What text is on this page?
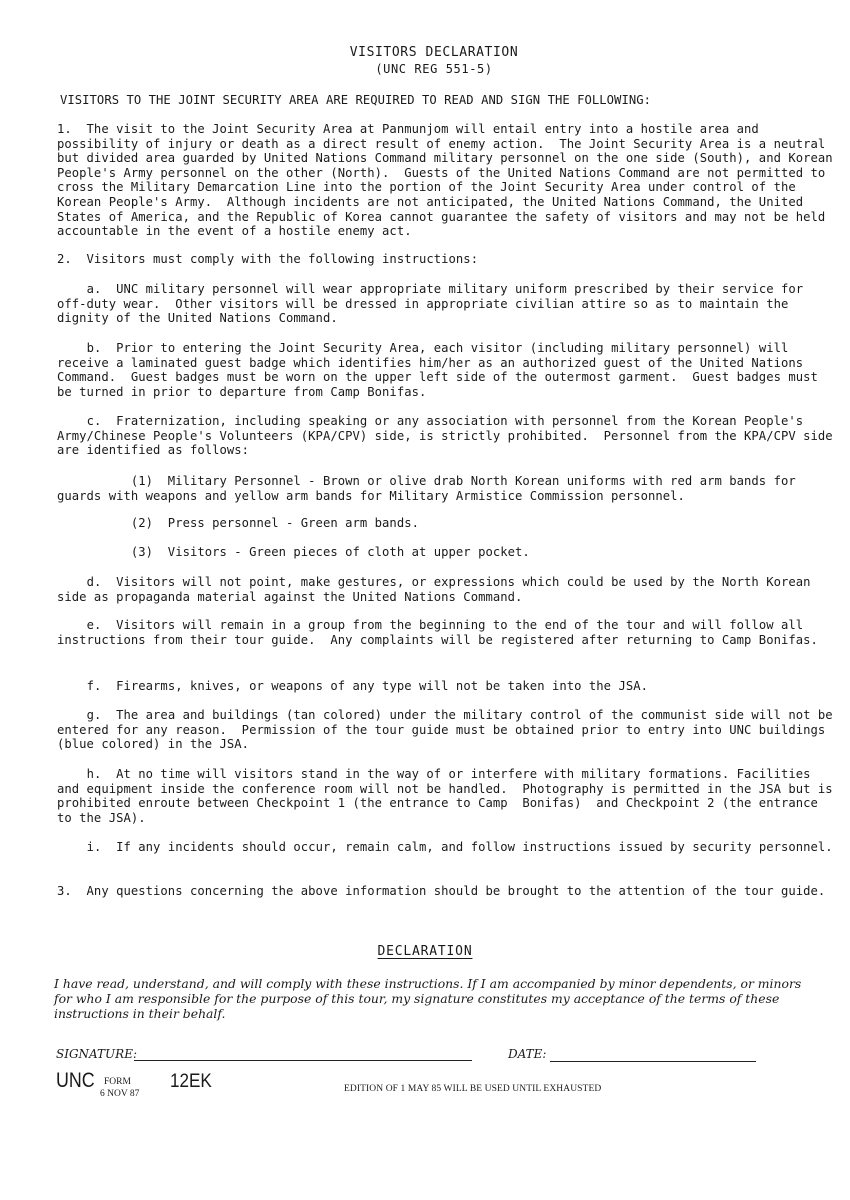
VISITORS DECLARATION
(UNC REG 551-5)

VISITORS TO THE JOINT SECURITY AREA ARE REQUIRED TO READ AND SIGN THE FOLLOWING:

1.  The visit to the Joint Security Area at Panmunjom will entail entry into a hostile area and possibility of injury or death as a direct result of enemy action.  The Joint Security Area is a neutral but divided area guarded by United Nations Command military personnel on the one side (South), and Korean People's Army personnel on the other (North).  Guests of the United Nations Command are not permitted to cross the Military Demarcation Line into the portion of the Joint Security Area under control of the Korean People's Army.  Although incidents are not anticipated, the United Nations Command, the United States of America, and the Republic of Korea cannot guarantee the safety of visitors and may not be held accountable in the event of a hostile enemy act.

2.  Visitors must comply with the following instructions:

a.  UNC military personnel will wear appropriate military uniform prescribed by their service for off-duty wear.  Other visitors will be dressed in appropriate civilian attire so as to maintain the dignity of the United Nations Command.

b.  Prior to entering the Joint Security Area, each visitor (including military personnel) will receive a laminated guest badge which identifies him/her as an authorized guest of the United Nations Command.  Guest badges must be worn on the upper left side of the outermost garment.  Guest badges must be turned in prior to departure from Camp Bonifas.

c.  Fraternization, including speaking or any association with personnel from the Korean People's Army/Chinese People's Volunteers (KPA/CPV) side, is strictly prohibited.  Personnel from the KPA/CPV side are identified as follows:

(1)  Military Personnel - Brown or olive drab North Korean uniforms with red arm bands for guards with weapons and yellow arm bands for Military Armistice Commission personnel.

(2)  Press personnel - Green arm bands.

(3)  Visitors - Green pieces of cloth at upper pocket.

d.  Visitors will not point, make gestures, or expressions which could be used by the North Korean side as propaganda material against the United Nations Command.

e.  Visitors will remain in a group from the beginning to the end of the tour and will follow all instructions from their tour guide.  Any complaints will be registered after returning to Camp Bonifas.

f.  Firearms, knives, or weapons of any type will not be taken into the JSA.

g.  The area and buildings (tan colored) under the military control of the communist side will not be entered for any reason.  Permission of the tour guide must be obtained prior to entry into UNC buildings (blue colored) in the JSA.

h.  At no time will visitors stand in the way of or interfere with military formations. Facilities and equipment inside the conference room will not be handled.  Photography is permitted in the JSA but is prohibited enroute between Checkpoint 1 (the entrance to Camp  Bonifas)  and Checkpoint 2 (the entrance to the JSA).

i.  If any incidents should occur, remain calm, and follow instructions issued by security personnel.

3.  Any questions concerning the above information should be brought to the attention of the tour guide.

DECLARATION

I have read, understand, and will comply with these instructions. If I am accompanied by minor dependents, or minors for who I am responsible for the purpose of this tour, my signature constitutes my acceptance of the terms of these instructions in their behalf.

SIGNATURE:	DATE:
UNC FORM
6 NOV 87
12EK	EDITION OF 1 MAY 85 WILL BE USED UNTIL EXHAUSTED
